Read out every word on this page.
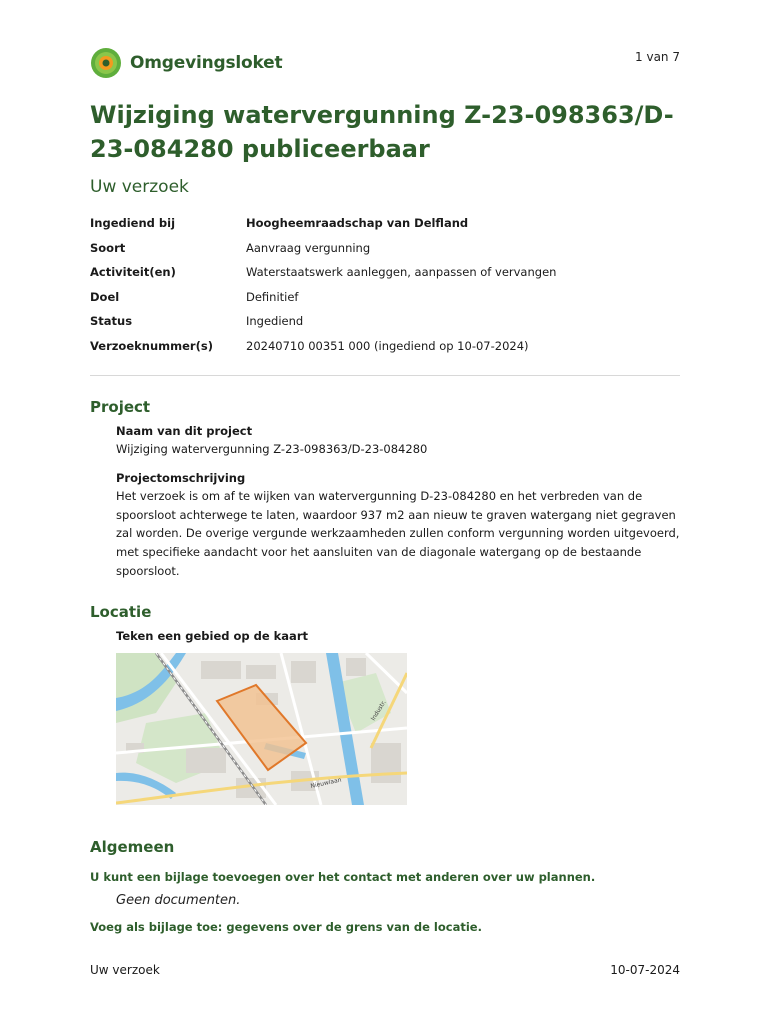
Omgevingsloket	1 van 7
Wijziging watervergunning Z-23-098363/D-23-084280 publiceerbaar
Uw verzoek
Ingediend bij	Hoogheemraadschap van Delfland
Soort	Aanvraag vergunning
Activiteit(en)	Waterstaatswerk aanleggen, aanpassen of vervangen
Doel	Definitief
Status	Ingediend
Verzoeknummer(s)	20240710 00351 000 (ingediend op 10-07-2024)
Project
Naam van dit project
Wijziging watervergunning Z-23-098363/D-23-084280
Projectomschrijving
Het verzoek is om af te wijken van watervergunning D-23-084280 en het verbreden van de spoorsloot achterwege te laten, waardoor 937 m2 aan nieuw te graven watergang niet gegraven zal worden. De overige vergunde werkzaamheden zullen conform vergunning worden uitgevoerd, met specifieke aandacht voor het aansluiten van de diagonale watergang op de bestaande spoorsloot.
Locatie
Teken een gebied op de kaart
Industr.
Nieuwlaan
Algemeen
U kunt een bijlage toevoegen over het contact met anderen over uw plannen.
Geen documenten.
Voeg als bijlage toe: gegevens over de grens van de locatie.
Uw verzoek	10-07-2024
